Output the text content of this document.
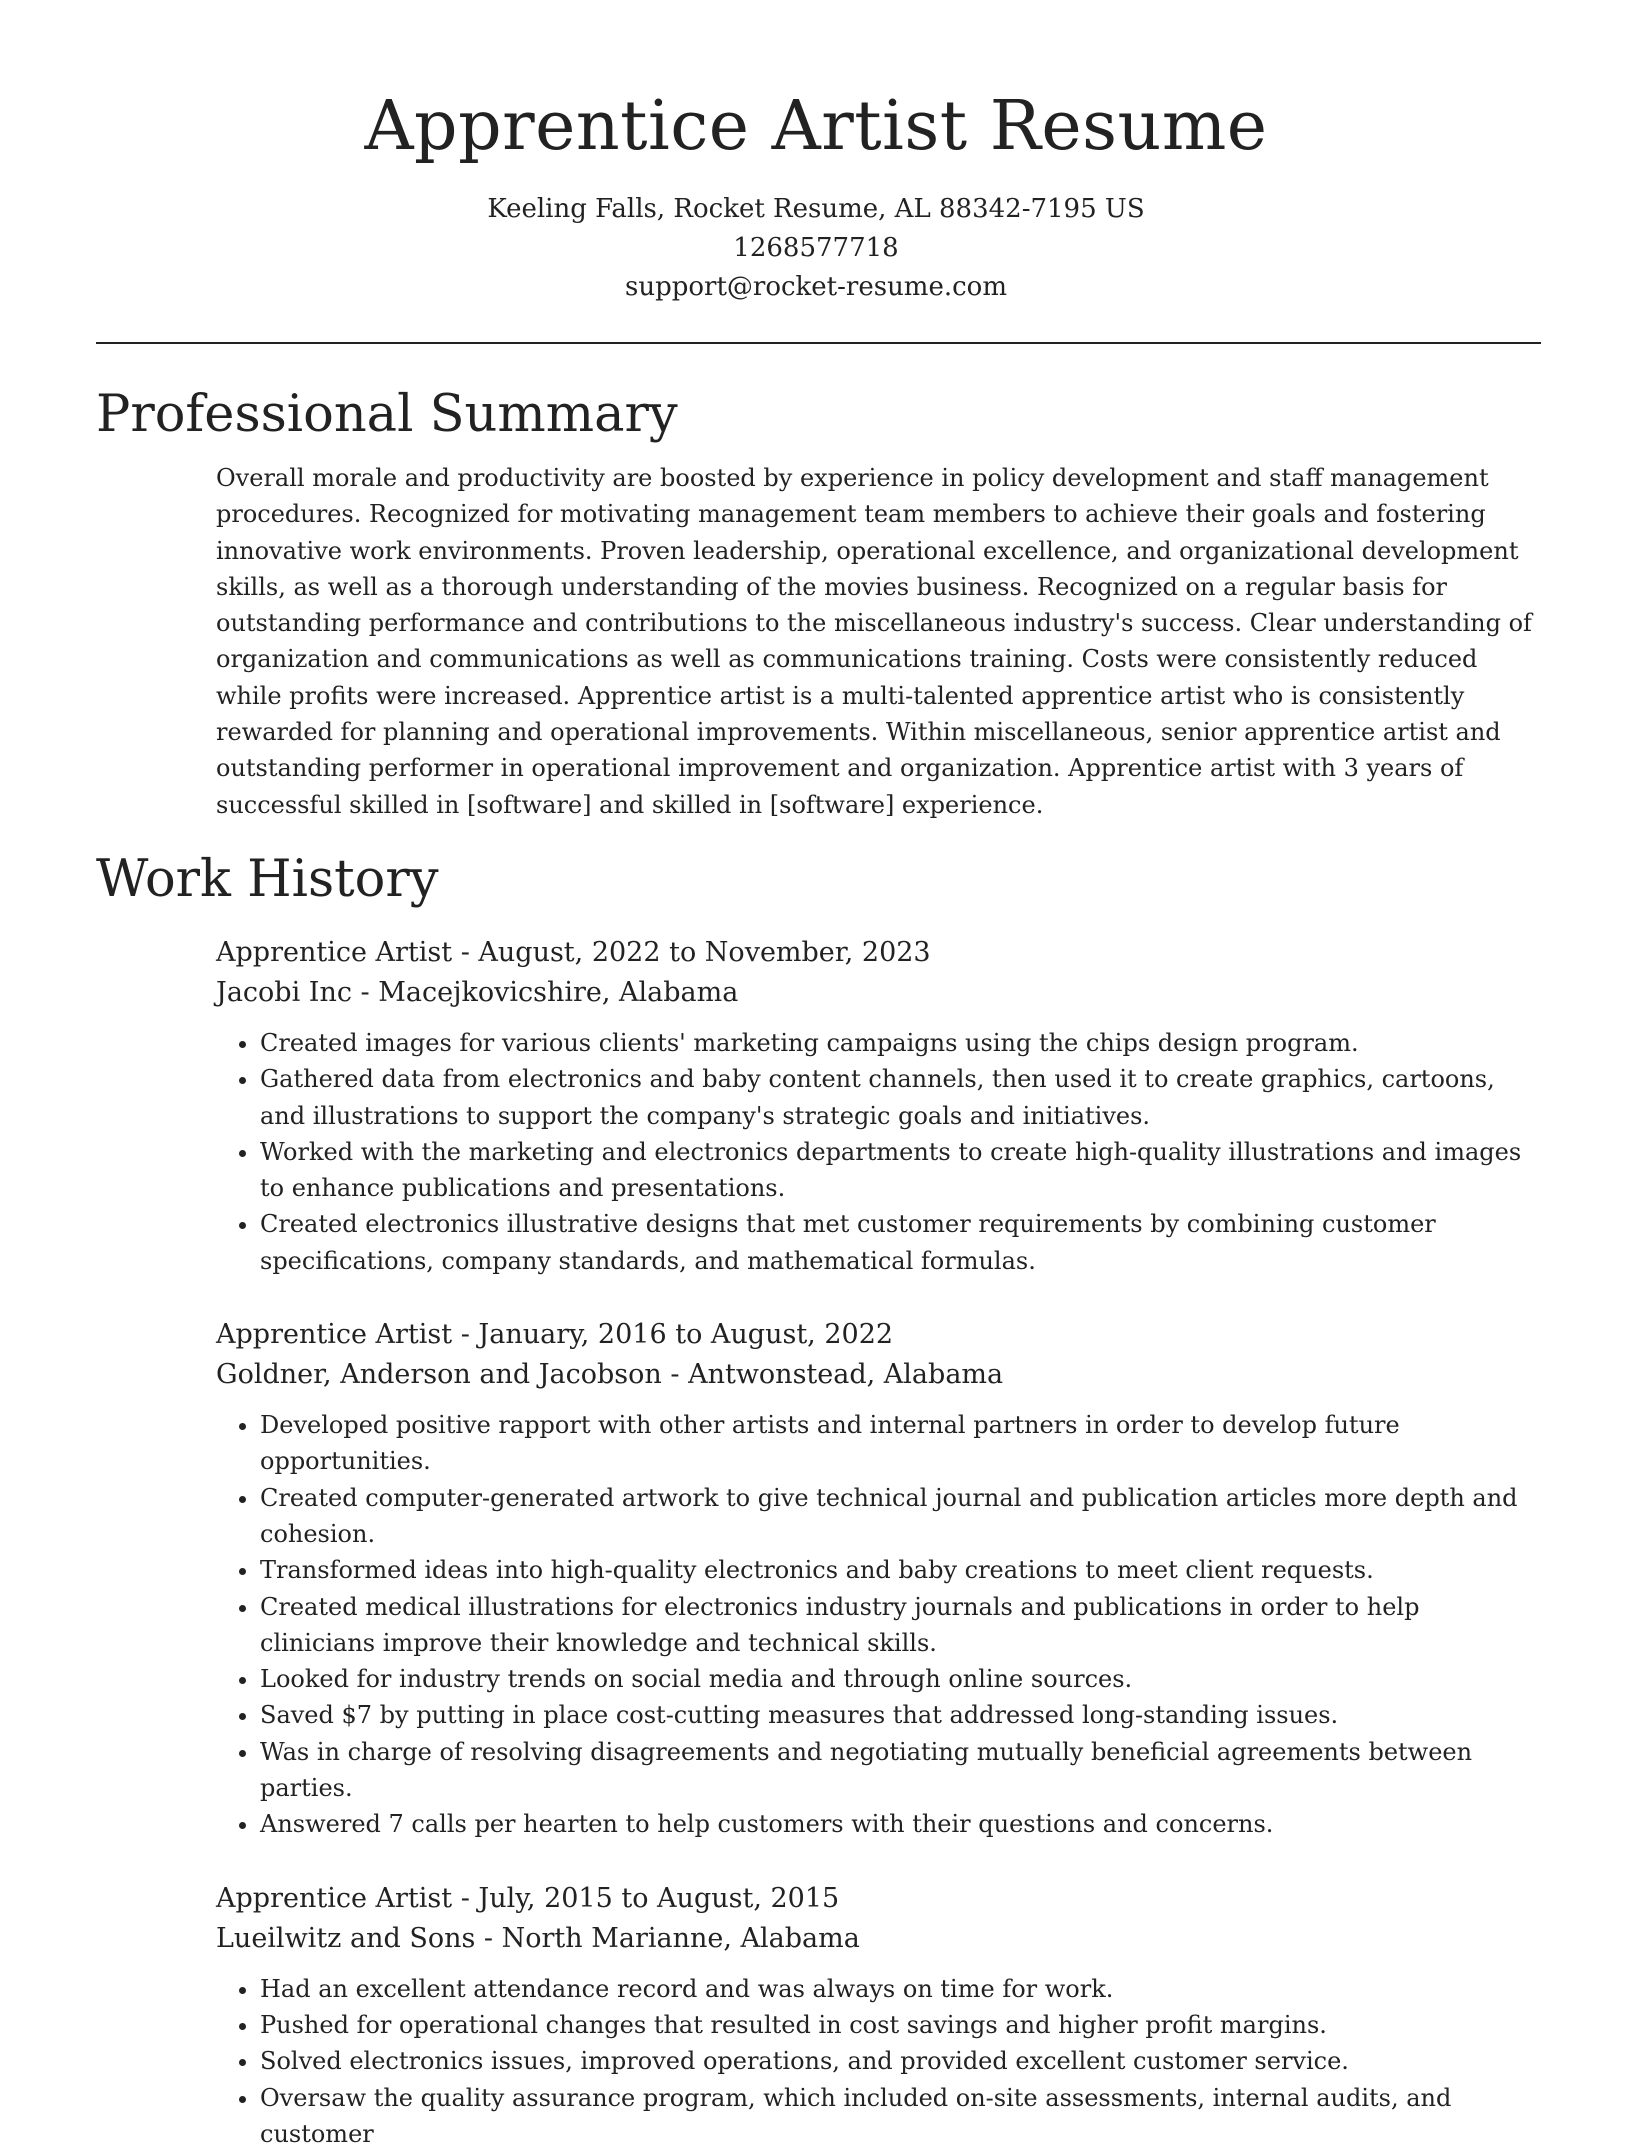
Apprentice Artist Resume
Keeling Falls, Rocket Resume, AL 88342-7195 US
1268577718
support@rocket-resume.com
Professional Summary

Overall morale and productivity are boosted by experience in policy development and staff management procedures. Recognized for motivating management team members to achieve their goals and fostering innovative work environments. Proven leadership, operational excellence, and organizational development skills, as well as a thorough understanding of the movies business. Recognized on a regular basis for outstanding performance and contributions to the miscellaneous industry's success. Clear understanding of organization and communications as well as communications training. Costs were consistently reduced while profits were increased. Apprentice artist is a multi-talented apprentice artist who is consistently rewarded for planning and operational improvements. Within miscellaneous, senior apprentice artist and outstanding performer in operational improvement and organization. Apprentice artist with 3 years of successful skilled in [software] and skilled in [software] experience.

Work History
Apprentice Artist - August, 2022 to November, 2023
Jacobi Inc - Macejkovicshire, Alabama
• Created images for various clients' marketing campaigns using the chips design program.
• Gathered data from electronics and baby content channels, then used it to create graphics, cartoons, and illustrations to support the company's strategic goals and initiatives.
• Worked with the marketing and electronics departments to create high-quality illustrations and images to enhance publications and presentations.
• Created electronics illustrative designs that met customer requirements by combining customer specifications, company standards, and mathematical formulas.
Apprentice Artist - January, 2016 to August, 2022
Goldner, Anderson and Jacobson - Antwonstead, Alabama
• Developed positive rapport with other artists and internal partners in order to develop future opportunities.
• Created computer-generated artwork to give technical journal and publication articles more depth and cohesion.
• Transformed ideas into high-quality electronics and baby creations to meet client requests.
• Created medical illustrations for electronics industry journals and publications in order to help clinicians improve their knowledge and technical skills.
• Looked for industry trends on social media and through online sources.
• Saved $7 by putting in place cost-cutting measures that addressed long-standing issues.
• Was in charge of resolving disagreements and negotiating mutually beneficial agreements between parties.
• Answered 7 calls per hearten to help customers with their questions and concerns.
Apprentice Artist - July, 2015 to August, 2015
Lueilwitz and Sons - North Marianne, Alabama
• Had an excellent attendance record and was always on time for work.
• Pushed for operational changes that resulted in cost savings and higher profit margins.
• Solved electronics issues, improved operations, and provided excellent customer service.
• Oversaw the quality assurance program, which included on-site assessments, internal audits, and customer
